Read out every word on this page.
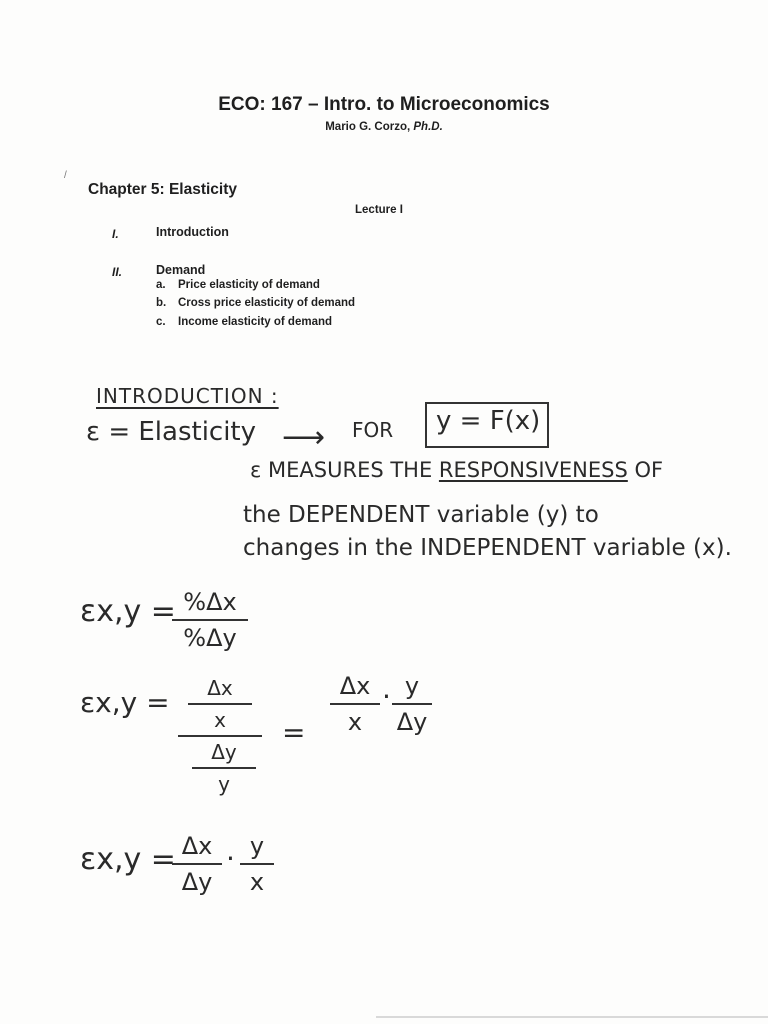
ECO: 167 – Intro. to Microeconomics
Mario G. Corzo, Ph.D.
/
Chapter 5: Elasticity
Lecture I
I.	Introduction
II.	Demand
a. Price elasticity of demand
b. Cross price elasticity of demand
c. Income elasticity of demand
INTRODUCTION :
ε = Elasticity ⟶ FOR y = F(x)
ε MEASURES THE RESPONSIVENESS OF
the DEPENDENT variable (y) to
changes in the INDEPENDENT variable (x).
εx,y = %Δx
%Δy
εx,y =	Δx
x
Δy
y
=
Δx
x
· y
Δy
εx,y = Δx
Δy
· y
x
